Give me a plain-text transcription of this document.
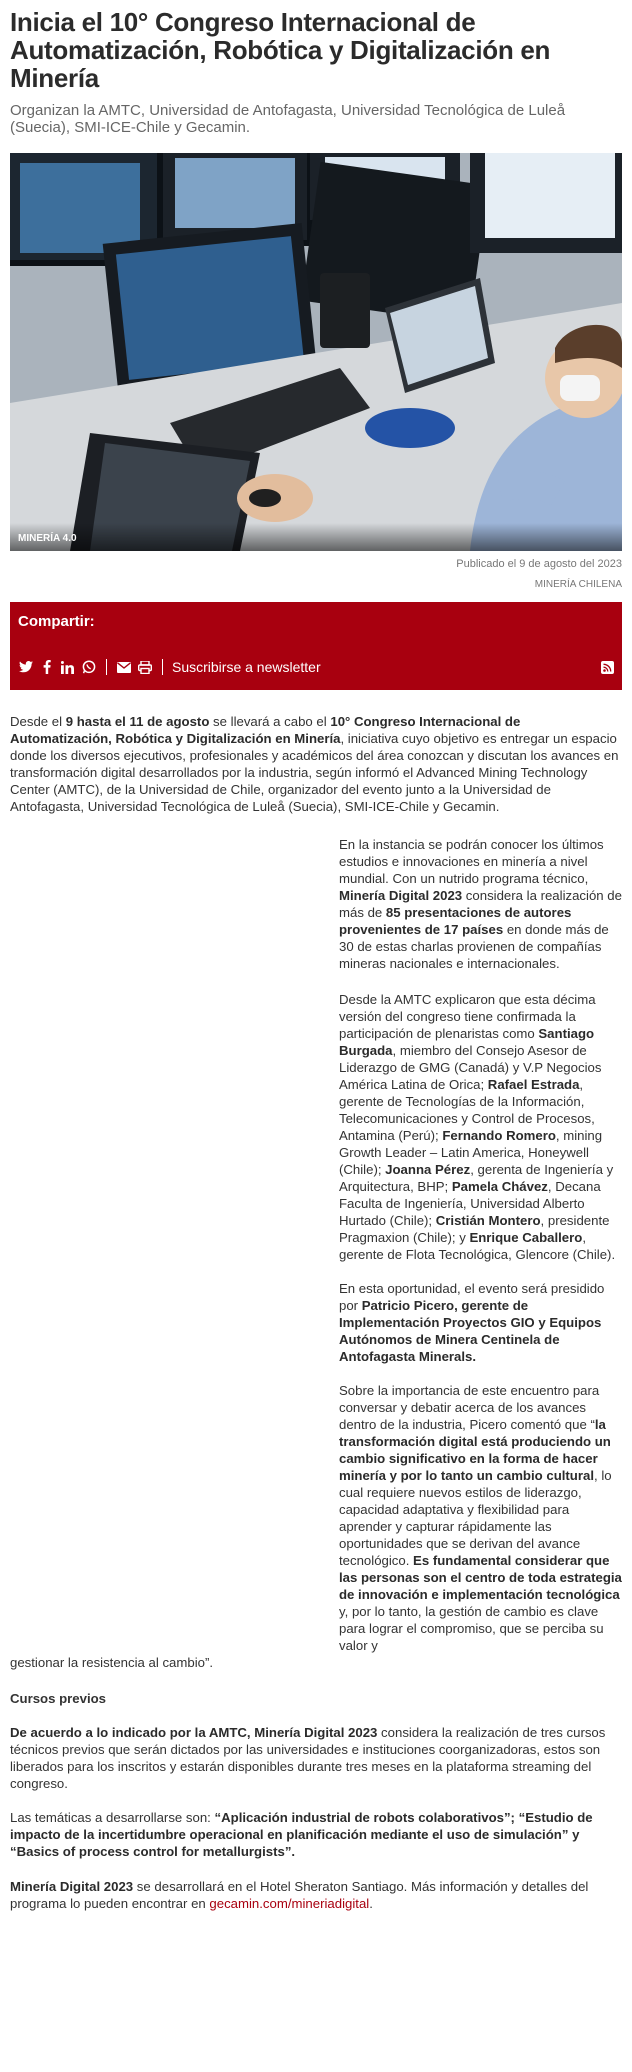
Inicia el 10° Congreso Internacional de Automatización, Robótica y Digitalización en Minería

Organizan la AMTC, Universidad de Antofagasta, Universidad Tecnológica de Luleå (Suecia), SMI-ICE-Chile y Gecamin.

MINERÍA 4.0
Publicado el 9 de agosto del 2023
MINERÍA CHILENA
Compartir:
Suscribirse a newsletter

Desde el 9 hasta el 11 de agosto se llevará a cabo el 10° Congreso Internacional de Automatización, Robótica y Digitalización en Minería, iniciativa cuyo objetivo es entregar un espacio donde los diversos ejecutivos, profesionales y académicos del área conozcan y discutan los avances en transformación digital desarrollados por la industria, según informó el Advanced Mining Technology Center (AMTC), de la Universidad de Chile, organizador del evento junto a la Universidad de Antofagasta, Universidad Tecnológica de Luleå (Suecia), SMI-ICE-Chile y Gecamin.

En la instancia se podrán conocer los últimos estudios e innovaciones en minería a nivel mundial. Con un nutrido programa técnico, Minería Digital 2023 considera la realización de más de 85 presentaciones de autores provenientes de 17 países en donde más de 30 de estas charlas provienen de compañías mineras nacionales e internacionales.

Desde la AMTC explicaron que esta décima versión del congreso tiene confirmada la participación de plenaristas como Santiago Burgada, miembro del Consejo Asesor de Liderazgo de GMG (Canadá) y V.P Negocios América Latina de Orica; Rafael Estrada, gerente de Tecnologías de la Información, Telecomunicaciones y Control de Procesos, Antamina (Perú); Fernando Romero, mining Growth Leader – Latin America, Honeywell (Chile); Joanna Pérez, gerenta de Ingeniería y Arquitectura, BHP; Pamela Chávez, Decana Faculta de Ingeniería, Universidad Alberto Hurtado (Chile); Cristián Montero, presidente Pragmaxion (Chile); y Enrique Caballero, gerente de Flota Tecnológica, Glencore (Chile).

En esta oportunidad, el evento será presidido por Patricio Picero, gerente de Implementación Proyectos GIO y Equipos Autónomos de Minera Centinela de Antofagasta Minerals.

Sobre la importancia de este encuentro para conversar y debatir acerca de los avances dentro de la industria, Picero comentó que “la transformación digital está produciendo un cambio significativo en la forma de hacer minería y por lo tanto un cambio cultural, lo cual requiere nuevos estilos de liderazgo, capacidad adaptativa y flexibilidad para aprender y capturar rápidamente las oportunidades que se derivan del avance tecnológico. Es fundamental considerar que las personas son el centro de toda estrategia de innovación e implementación tecnológica y, por lo tanto, la gestión de cambio es clave para lograr el compromiso, que se perciba su valor y

gestionar la resistencia al cambio”.

Cursos previos

De acuerdo a lo indicado por la AMTC, Minería Digital 2023 considera la realización de tres cursos técnicos previos que serán dictados por las universidades e instituciones coorganizadoras, estos son liberados para los inscritos y estarán disponibles durante tres meses en la plataforma streaming del congreso.

Las temáticas a desarrollarse son: “Aplicación industrial de robots colaborativos”; “Estudio de impacto de la incertidumbre operacional en planificación mediante el uso de simulación” y “Basics of process control for metallurgists”.

Minería Digital 2023 se desarrollará en el Hotel Sheraton Santiago. Más información y detalles del programa lo pueden encontrar en gecamin.com/mineriadigital.
